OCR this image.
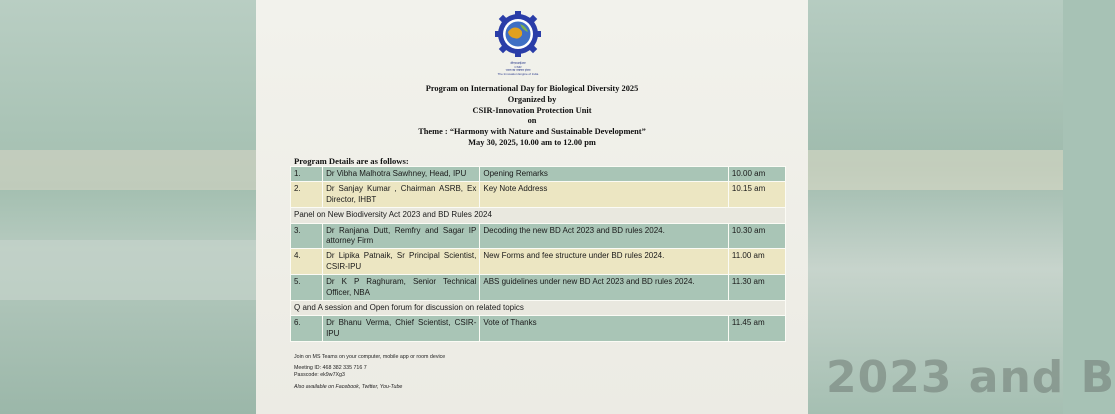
2023 and B
सीएसआईआर
CSIR
भारत का नवाचार इंजन
The Innovation Engine of India
Program on International Day for Biological Diversity 2025
Organized by
CSIR-Innovation Protection Unit
on
Theme : “Harmony with Nature and Sustainable Development”
May 30, 2025, 10.00 am to 12.00 pm
Program Details are as follows:
1.	Dr Vibha Malhotra Sawhney, Head, IPU	Opening Remarks	10.00 am
2.	Dr Sanjay Kumar , Chairman ASRB, Ex Director, IHBT	Key Note Address	10.15 am
Panel on New Biodiversity Act 2023 and BD Rules 2024			
3.	Dr Ranjana Dutt, Remfry and Sagar IP attorney Firm	Decoding the new BD Act 2023 and BD rules 2024.	10.30 am
4.	Dr Lipika Patnaik, Sr Principal Scientist, CSIR-IPU	New Forms and fee structure under BD rules 2024.	11.00 am
5.	Dr K P Raghuram, Senior Technical Officer, NBA	ABS guidelines under new BD Act 2023 and BD rules 2024.	11.30 am
Q and A session and Open forum for discussion on related topics			
6.	Dr Bhanu Verma, Chief Scientist, CSIR-IPU	Vote of Thanks	11.45 am
Join on MS Teams on your computer, mobile app or room device
Meeting ID: 468 382 335 716 7
Passcode: ek9w7Xg3
Also available on Facebook, Twitter, You-Tube
